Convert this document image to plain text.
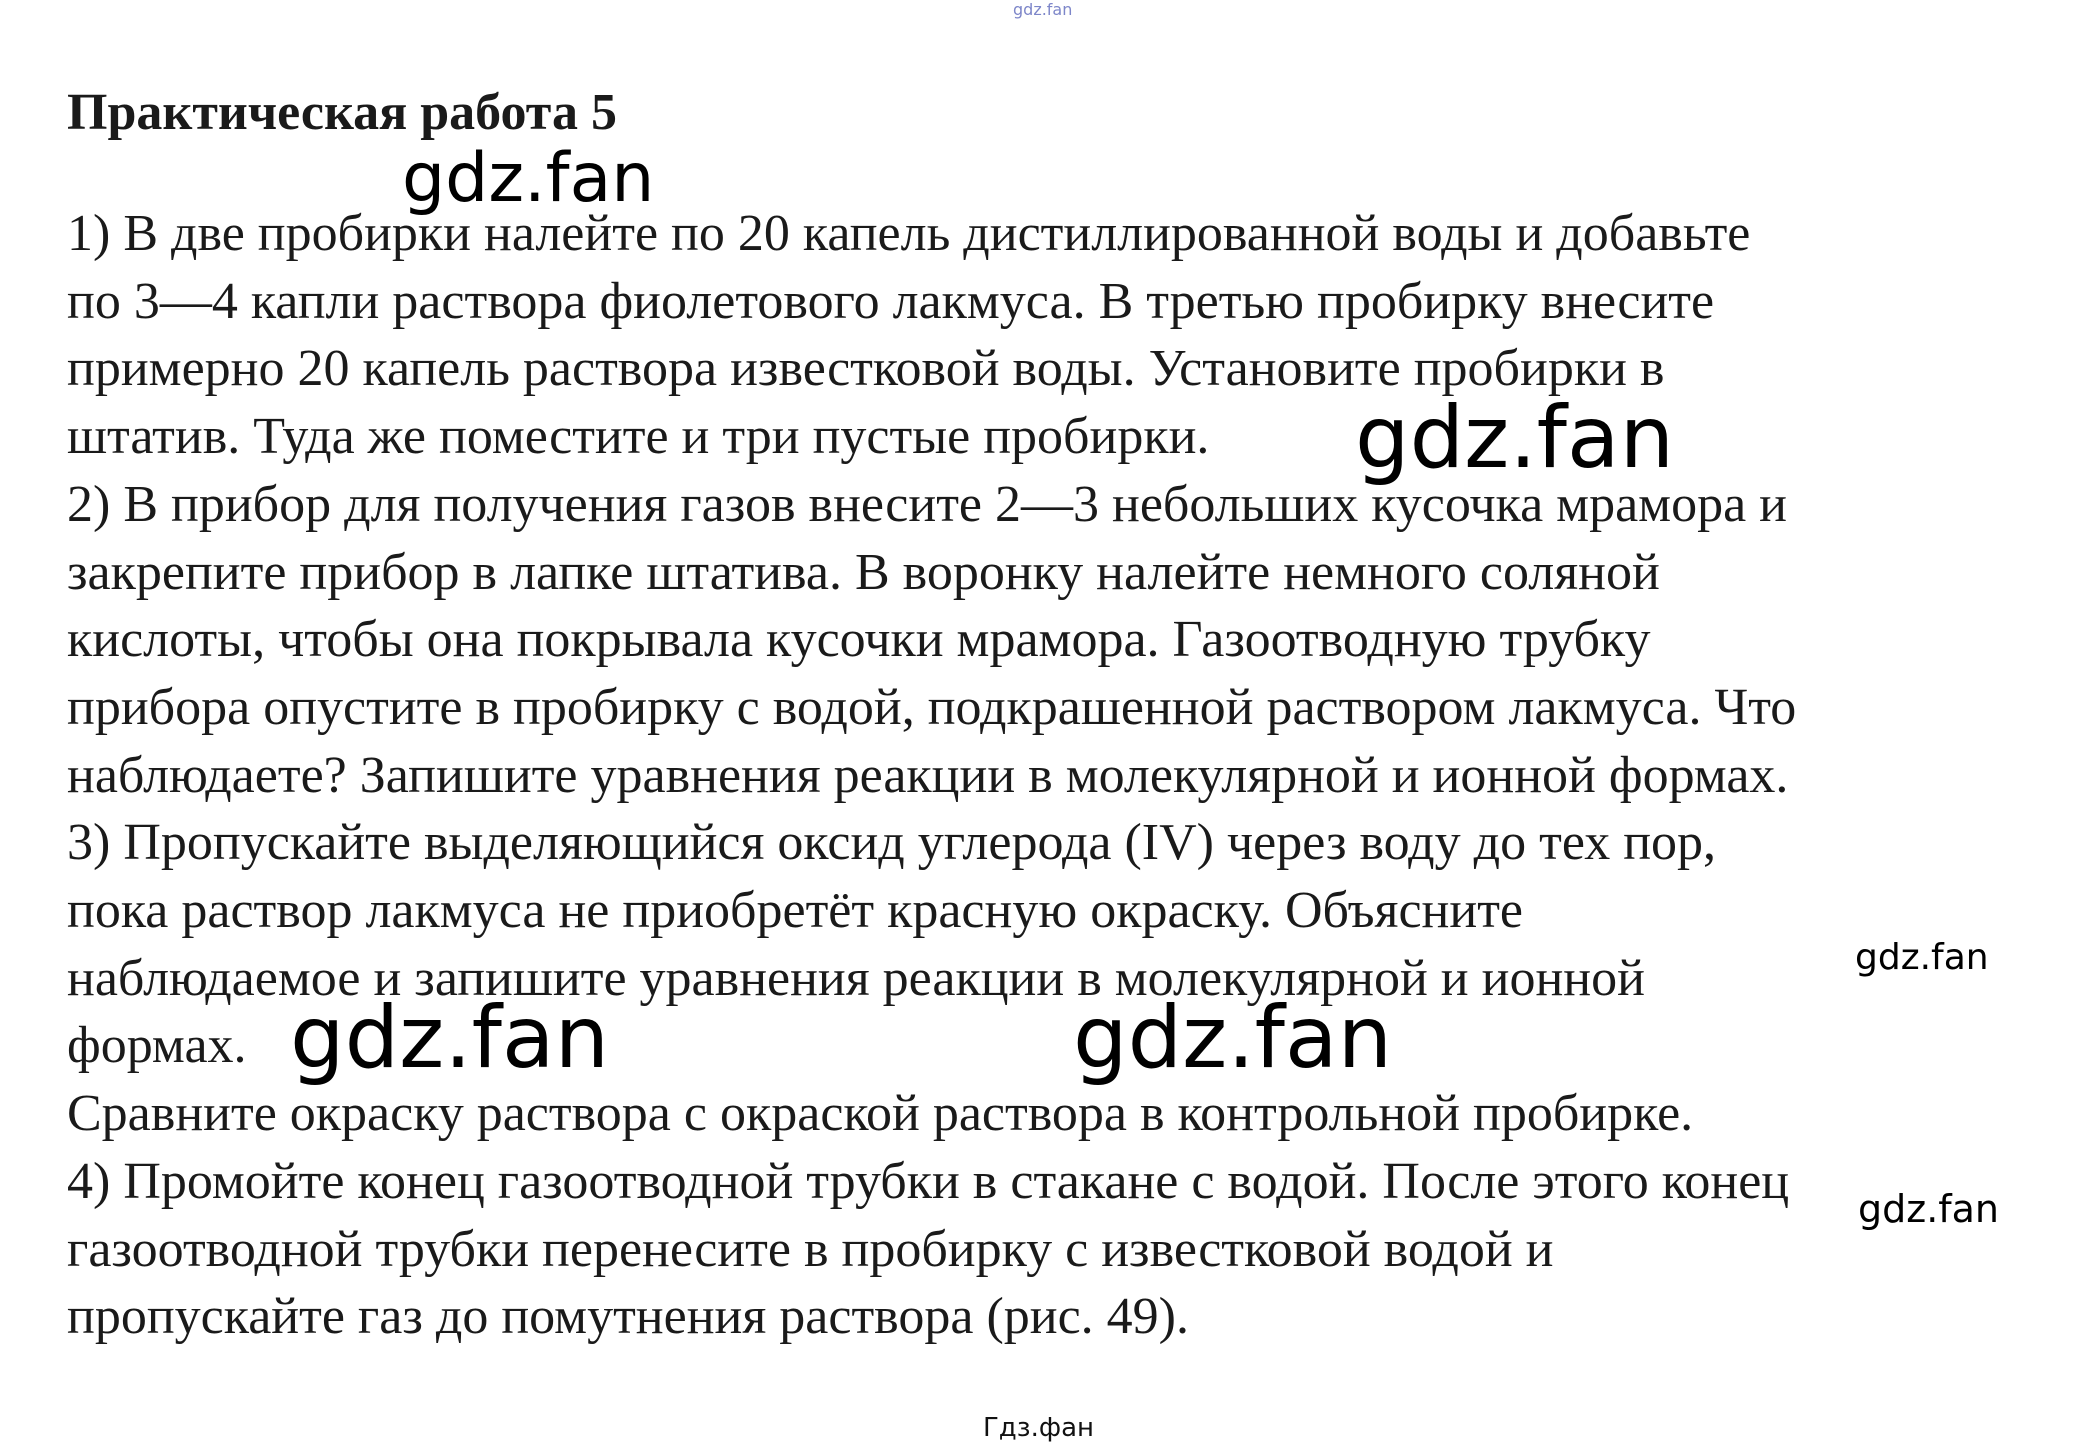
gdz.fan
Практическая работа 5
1) В две пробирки налейте по 20 капель дистиллированной воды и добавьте
по 3—4 капли раствора фиолетового лакмуса. В третью пробирку внесите
примерно 20 капель раствора известковой воды. Установите пробирки в
штатив. Туда же поместите и три пустые пробирки.
2) В прибор для получения газов внесите 2—3 небольших кусочка мрамора и
закрепите прибор в лапке штатива. В воронку налейте немного соляной
кислоты, чтобы она покрывала кусочки мрамора. Газоотводную трубку
прибора опустите в пробирку с водой, подкрашенной раствором лакмуса. Что
наблюдаете? Запишите уравнения реакции в молекулярной и ионной формах.
3) Пропускайте выделяющийся оксид углерода (IV) через воду до тех пор,
пока раствор лакмуса не приобретёт красную окраску. Объясните
наблюдаемое и запишите уравнения реакции в молекулярной и ионной
формах.
Сравните окраску раствора с окраской раствора в контрольной пробирке.
4) Промойте конец газоотводной трубки в стакане с водой. После этого конец
газоотводной трубки перенесите в пробирку с известковой водой и
пропускайте газ до помутнения раствора (рис. 49).
gdz.fan
gdz.fan
gdz.fan
gdz.fan	gdz.fan
gdz.fan
Гдз.фан
